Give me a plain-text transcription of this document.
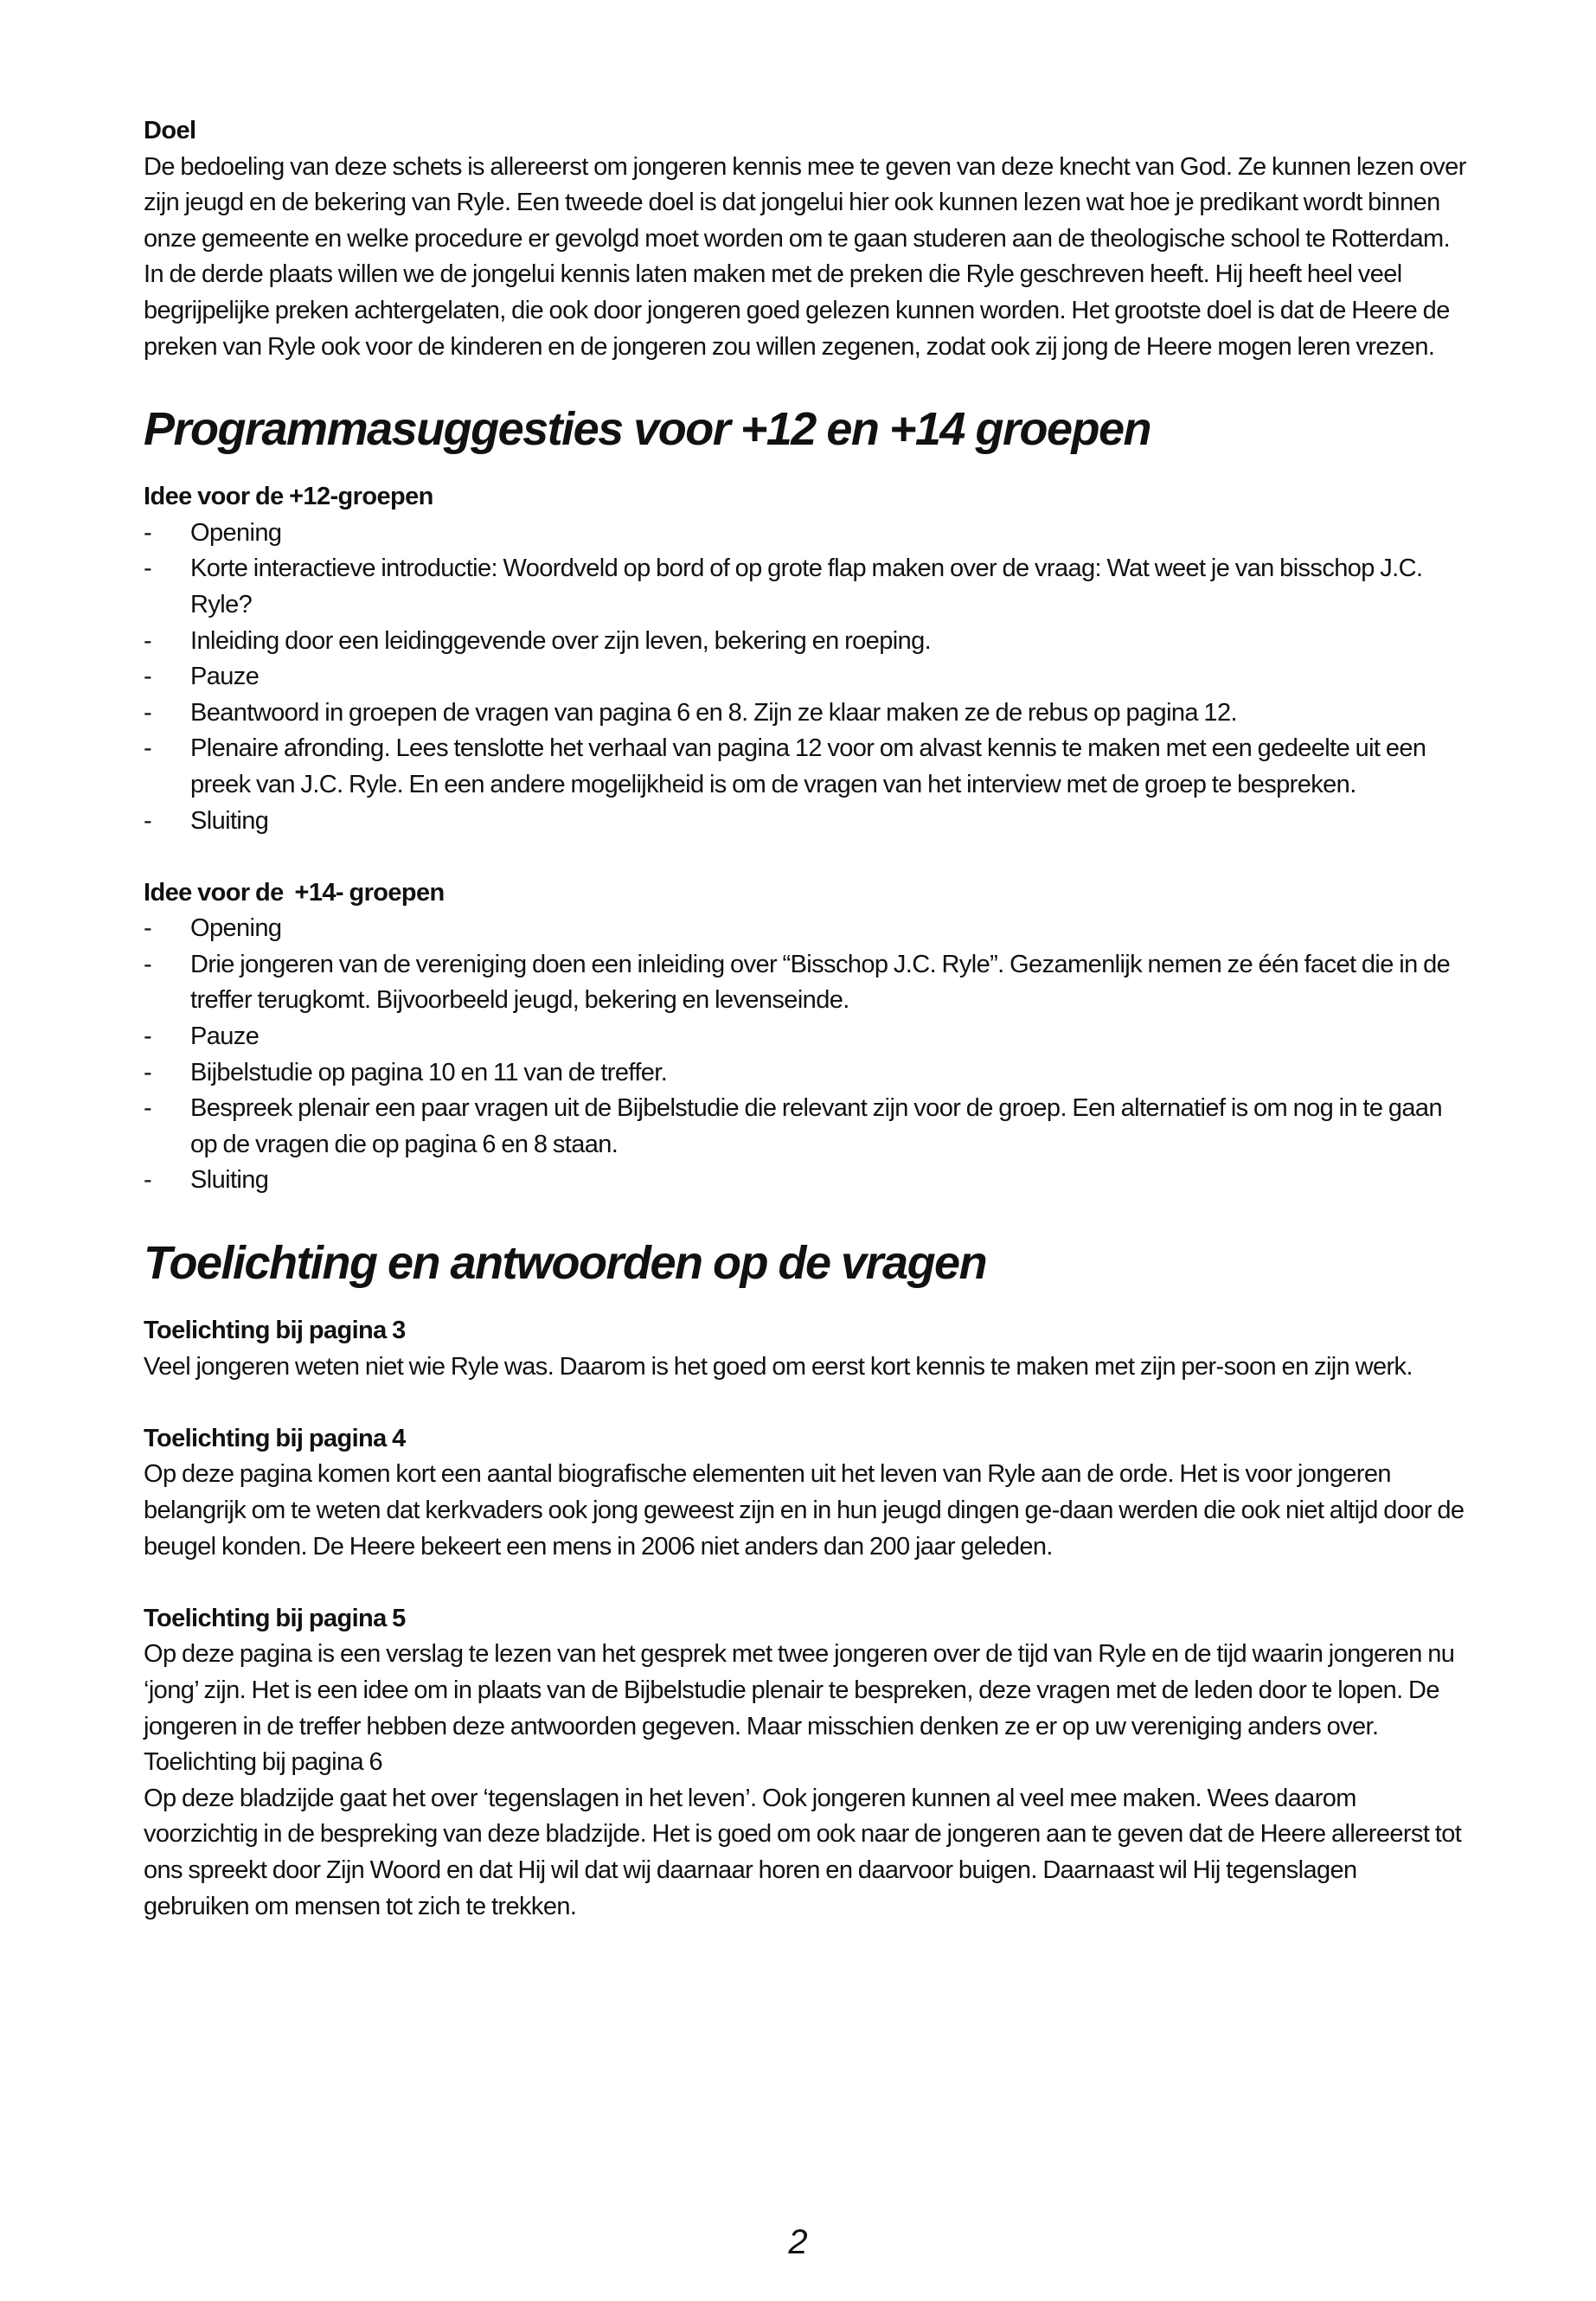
Doel

De bedoeling van deze schets is allereerst om jongeren kennis mee te geven van deze knecht van God. Ze kunnen lezen over zijn jeugd en de bekering van Ryle. Een tweede doel is dat jongelui hier ook kunnen lezen wat hoe je predikant wordt binnen onze gemeente en welke procedure er gevolgd moet worden om te gaan studeren aan de theologische school te Rotterdam. In de derde plaats willen we de jongelui kennis laten maken met de preken die Ryle geschreven heeft. Hij heeft heel veel begrijpelijke preken achtergelaten, die ook door jongeren goed gelezen kunnen worden. Het grootste doel is dat de Heere de preken van Ryle ook voor de kinderen en de jongeren zou willen zegenen, zodat ook zij jong de Heere mogen leren vrezen.

Programmasuggesties voor +12 en +14 groepen

Idee voor de +12-groepen

- Opening
- Korte interactieve introductie: Woordveld op bord of op grote flap maken over de vraag: Wat weet je van bisschop J.C. Ryle?
- Inleiding door een leidinggevende over zijn leven, bekering en roeping.
- Pauze
- Beantwoord in groepen de vragen van pagina 6 en 8. Zijn ze klaar maken ze de rebus op pagina 12.
- Plenaire afronding. Lees tenslotte het verhaal van pagina 12 voor om alvast kennis te maken met een gedeelte uit een preek van J.C. Ryle. En een andere mogelijkheid is om de vragen van het interview met de groep te bespreken.
- Sluiting

Idee voor de  +14- groepen

- Opening
- Drie jongeren van de vereniging doen een inleiding over “Bisschop J.C. Ryle”. Gezamenlijk nemen ze één facet die in de treffer terugkomt. Bijvoorbeeld jeugd, bekering en levenseinde.
- Pauze
- Bijbelstudie op pagina 10 en 11 van de treffer.
- Bespreek plenair een paar vragen uit de Bijbelstudie die relevant zijn voor de groep. Een alternatief is om nog in te gaan op de vragen die op pagina 6 en 8 staan.
- Sluiting
Toelichting en antwoorden op de vragen

Toelichting bij pagina 3

Veel jongeren weten niet wie Ryle was. Daarom is het goed om eerst kort kennis te maken met zijn per-soon en zijn werk.

Toelichting bij pagina 4

Op deze pagina komen kort een aantal biografische elementen uit het leven van Ryle aan de orde. Het is voor jongeren belangrijk om te weten dat kerkvaders ook jong geweest zijn en in hun jeugd dingen ge-daan werden die ook niet altijd door de beugel konden. De Heere bekeert een mens in 2006 niet anders dan 200 jaar geleden.

Toelichting bij pagina 5

Op deze pagina is een verslag te lezen van het gesprek met twee jongeren over de tijd van Ryle en de tijd waarin jongeren nu ‘jong’ zijn. Het is een idee om in plaats van de Bijbelstudie plenair te bespreken, deze vragen met de leden door te lopen. De jongeren in de treffer hebben deze antwoorden gegeven. Maar misschien denken ze er op uw vereniging anders over.

Toelichting bij pagina 6

Op deze bladzijde gaat het over ‘tegenslagen in het leven’. Ook jongeren kunnen al veel mee maken. Wees daarom voorzichtig in de bespreking van deze bladzijde. Het is goed om ook naar de jongeren aan te geven dat de Heere allereerst tot ons spreekt door Zijn Woord en dat Hij wil dat wij daarnaar horen en daarvoor buigen. Daarnaast wil Hij tegenslagen gebruiken om mensen tot zich te trekken.

2
